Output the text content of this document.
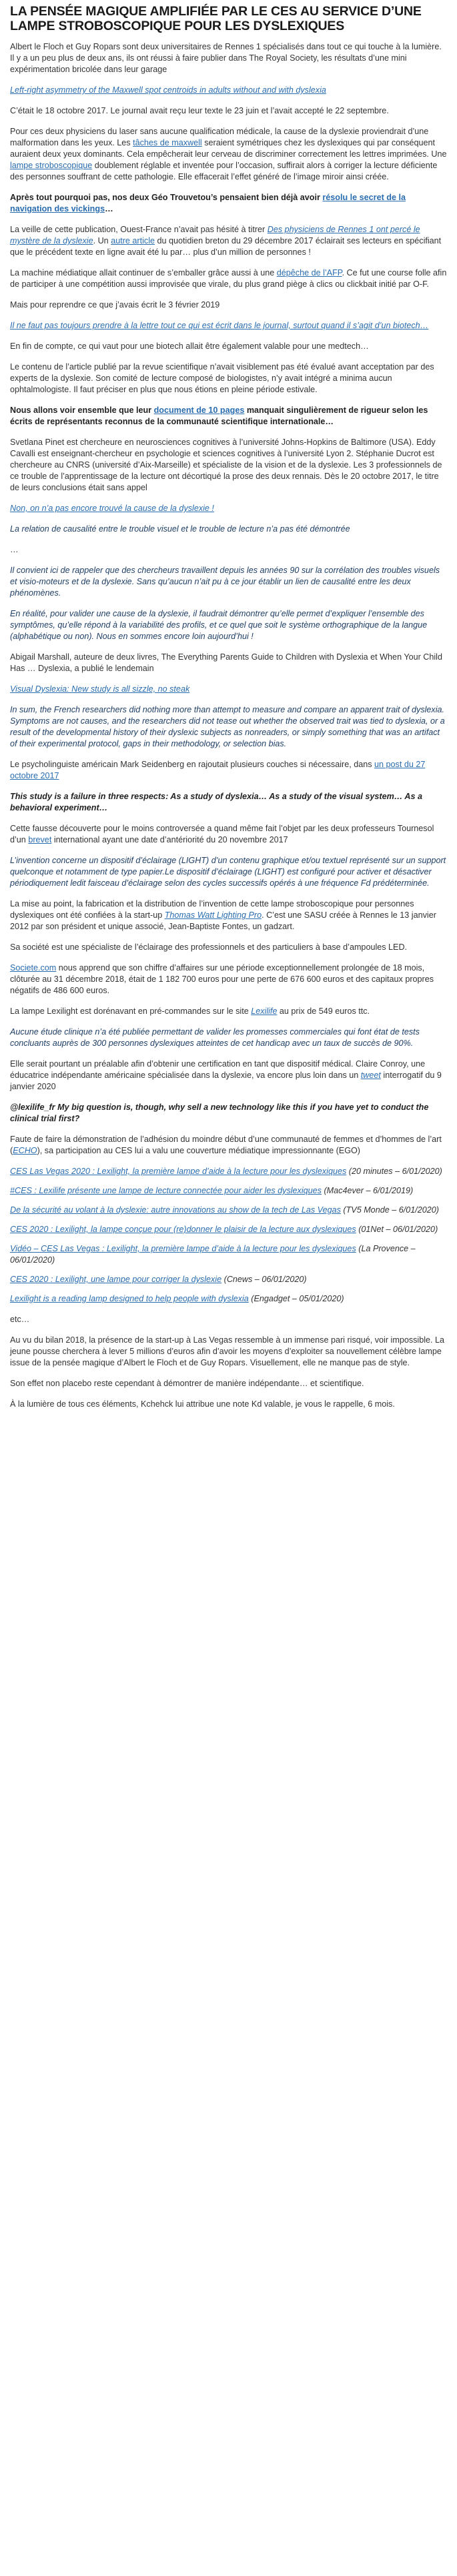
LA PENSÉE MAGIQUE AMPLIFIÉE PAR LE CES AU SERVICE D’UNE LAMPE STROBOSCOPIQUE POUR LES DYSLEXIQUES

Albert le Floch et Guy Ropars sont deux universitaires de Rennes 1 spécialisés dans tout ce qui touche à la lumière. Il y a un peu plus de deux ans, ils ont réussi à faire publier dans The Royal Society, les résultats d’une mini expérimentation bricolée dans leur garage

Left-right asymmetry of the Maxwell spot centroids in adults without and with dyslexia

C’était le 18 octobre 2017. Le journal avait reçu leur texte le 23 juin et l’avait accepté le 22 septembre.

Pour ces deux physiciens du laser sans aucune qualification médicale, la cause de la dyslexie proviendrait d’une malformation dans les yeux. Les tâches de maxwell seraient symétriques chez les dyslexiques qui par conséquent auraient deux yeux dominants. Cela empêcherait leur cerveau de discriminer correctement les lettres imprimées. Une lampe stroboscopique doublement réglable et inventée pour l’occasion, suffirait alors à corriger la lecture déficiente des personnes souffrant de cette pathologie. Elle effacerait l’effet généré de l’image miroir ainsi créée.

Après tout pourquoi pas, nos deux Géo Trouvetou’s pensaient bien déjà avoir résolu le secret de la navigation des vickings…

La veille de cette publication, Ouest-France n’avait pas hésité à titrer Des physiciens de Rennes 1 ont percé le mystère de la dyslexie. Un autre article du quotidien breton du 29 décembre 2017 éclairait ses lecteurs en spécifiant que le précédent texte en ligne avait été lu par… plus d’un million de personnes !

La machine médiatique allait continuer de s’emballer grâce aussi à une dépêche de l’AFP. Ce fut une course folle afin de participer à une compétition aussi improvisée que virale, du plus grand piège à clics ou clickbait initié par O-F.

Mais pour reprendre ce que j’avais écrit le 3 février 2019

Il ne faut pas toujours prendre à la lettre tout ce qui est écrit dans le journal, surtout quand il s’agit d’un biotech…

En fin de compte, ce qui vaut pour une biotech allait être également valable pour une medtech…

Le contenu de l’article publié par la revue scientifique n’avait visiblement pas été évalué avant acceptation par des experts de la dyslexie. Son comité de lecture composé de biologistes, n’y avait intégré a minima aucun ophtalmologiste. Il faut préciser en plus que nous étions en pleine période estivale.

Nous allons voir ensemble que leur document de 10 pages manquait singulièrement de rigueur selon les écrits de représentants reconnus de la communauté scientifique internationale…

Svetlana Pinet est chercheure en neurosciences cognitives à l’université Johns-Hopkins de Baltimore (USA). Eddy Cavalli est enseignant-chercheur en psychologie et sciences cognitives à l’université Lyon 2. Stéphanie Ducrot est chercheure au CNRS (université d’Aix-Marseille) et spécialiste de la vision et de la dyslexie. Les 3 professionnels de ce trouble de l’apprentissage de la lecture ont décortiqué la prose des deux rennais. Dès le 20 octobre 2017, le titre de leurs conclusions était sans appel

Non, on n’a pas encore trouvé la cause de la dyslexie !

La relation de causalité entre le trouble visuel et le trouble de lecture n’a pas été démontrée

…

Il convient ici de rappeler que des chercheurs travaillent depuis les années 90 sur la corrélation des troubles visuels et visio-moteurs et de la dyslexie. Sans qu’aucun n’ait pu à ce jour établir un lien de causalité entre les deux phénomènes.

En réalité, pour valider une cause de la dyslexie, il faudrait démontrer qu’elle permet d’expliquer l’ensemble des symptômes, qu’elle répond à la variabilité des profils, et ce quel que soit le système orthographique de la langue (alphabétique ou non). Nous en sommes encore loin aujourd’hui !

Abigail Marshall, auteure de deux livres, The Everything Parents Guide to Children with Dyslexia et When Your Child Has … Dyslexia, a publié le lendemain

Visual Dyslexia: New study is all sizzle, no steak

In sum, the French researchers did nothing more than attempt to measure and compare an apparent trait of dyslexia. Symptoms are not causes, and the researchers did not tease out whether the observed trait was tied to dyslexia, or a result of the developmental history of their dyslexic subjects as nonreaders, or simply something that was an artifact of their experimental protocol, gaps in their methodology, or selection bias.

Le psycholinguiste américain Mark Seidenberg en rajoutait plusieurs couches si nécessaire, dans un post du 27 octobre 2017

This study is a failure in three respects: As a study of dyslexia… As a study of the visual system… As a behavioral experiment…

Cette fausse découverte pour le moins controversée a quand même fait l’objet par les deux professeurs Tournesol d’un brevet international ayant une date d’antériorité du 20 novembre 2017

L’invention concerne un dispositif d’éclairage (LIGHT) d’un contenu graphique et/ou textuel représenté sur un support quelconque et notamment de type papier.Le dispositif d’éclairage (LIGHT) est configuré pour activer et désactiver périodiquement ledit faisceau d’éclairage selon des cycles successifs opérés à une fréquence Fd prédéterminée.

La mise au point, la fabrication et la distribution de l’invention de cette lampe stroboscopique pour personnes dyslexiques ont été confiées à la start-up Thomas Watt Lighting Pro. C’est une SASU créée à Rennes le 13 janvier 2012 par son président et unique associé, Jean-Baptiste Fontes, un gadzart.

Sa société est une spécialiste de l’éclairage des professionnels et des particuliers à base d’ampoules LED.

Societe.com nous apprend que son chiffre d’affaires sur une période exceptionnellement prolongée de 18 mois, clôturée au 31 décembre 2018, était de 1 182 700 euros pour une perte de 676 600 euros et des capitaux propres négatifs de 486 600 euros.

La lampe Lexilight est dorénavant en pré-commandes sur le site Lexilife au prix de 549 euros ttc.

Aucune étude clinique n’a été publiée permettant de valider les promesses commerciales qui font état de tests concluants auprès de 300 personnes dyslexiques atteintes de cet handicap avec un taux de succès de 90%.

Elle serait pourtant un préalable afin d’obtenir une certification en tant que dispositif médical. Claire Conroy, une éducatrice indépendante américaine spécialisée dans la dyslexie, va encore plus loin dans un tweet interrogatif du 9 janvier 2020

@lexilife_fr My big question is, though, why sell a new technology like this if you have yet to conduct the clinical trial first?

Faute de faire la démonstration de l’adhésion du moindre début d’une communauté de femmes et d’hommes de l’art (ECHO), sa participation au CES lui a valu une couverture médiatique impressionnante (EGO)

CES Las Vegas 2020 : Lexilight, la première lampe d’aide à la lecture pour les dyslexiques (20 minutes – 6/01/2020)
#CES : Lexilife présente une lampe de lecture connectée pour aider les dyslexiques (Mac4ever – 6/01/2019)
De la sécurité au volant à la dyslexie: autre innovations au show de la tech de Las Vegas (TV5 Monde – 6/01/2020)
CES 2020 : Lexilight, la lampe conçue pour (re)donner le plaisir de la lecture aux dyslexiques (01Net – 06/01/2020)
Vidéo – CES Las Vegas : Lexilight, la première lampe d’aide à la lecture pour les dyslexiques (La Provence – 06/01/2020)
CES 2020 : Lexilight, une lampe pour corriger la dyslexie (Cnews – 06/01/2020)
Lexilight is a reading lamp designed to help people with dyslexia (Engadget – 05/01/2020)

etc…

Au vu du bilan 2018, la présence de la start-up à Las Vegas ressemble à un immense pari risqué, voir impossible. La jeune pousse cherchera à lever 5 millions d’euros afin d’avoir les moyens d’exploiter sa nouvellement célèbre lampe issue de la pensée magique d’Albert le Floch et de Guy Ropars. Visuellement, elle ne manque pas de style.

Son effet non placebo reste cependant à démontrer de manière indépendante… et scientifique.

À la lumière de tous ces éléments, Kchehck lui attribue une note Kd valable, je vous le rappelle, 6 mois.
